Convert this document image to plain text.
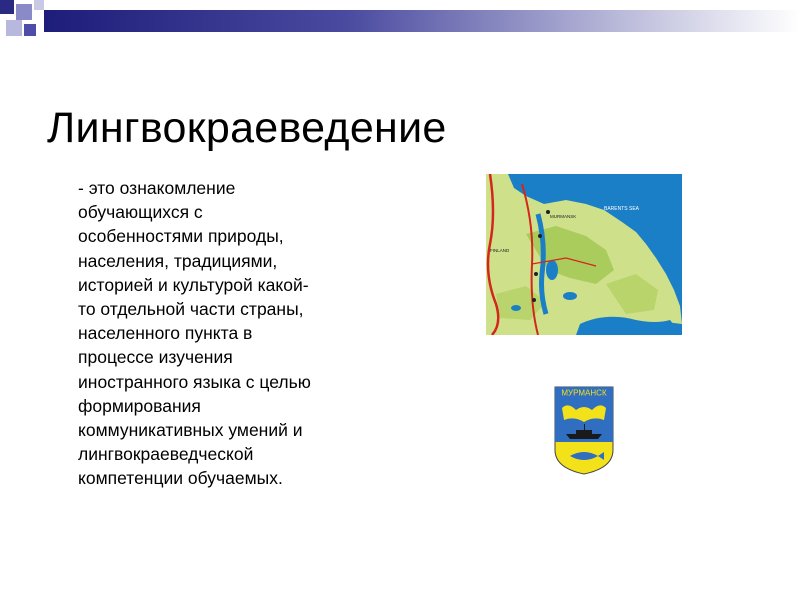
Лингвокраеведение
- это ознакомление
обучающихся с
особенностями природы,
населения, традициями,
историей и культурой какой-
то отдельной части страны,
населенного пункта в
процессе изучения
иностранного языка с целью
формирования
коммуникативных умений и
лингвокраеведческой
компетенции обучаемых.
BARENTS SEA
MURMANSK
FINLAND
МУРМАНСК
